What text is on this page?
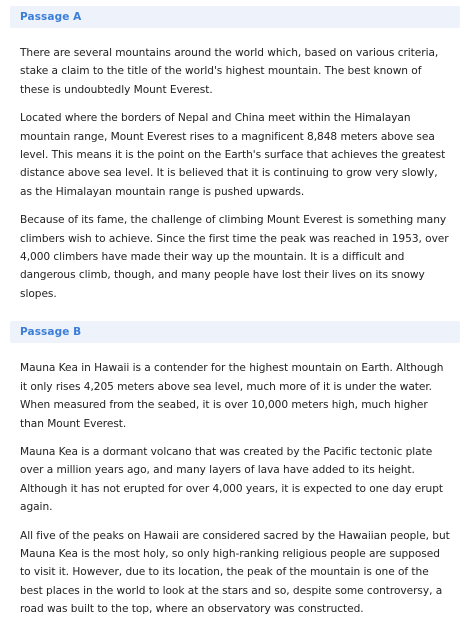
Passage A

There are several mountains around the world which, based on various criteria, stake a claim to the title of the world's highest mountain. The best known of these is undoubtedly Mount Everest.

Located where the borders of Nepal and China meet within the Himalayan mountain range, Mount Everest rises to a magnificent 8,848 meters above sea level. This means it is the point on the Earth's surface that achieves the greatest distance above sea level. It is believed that it is continuing to grow very slowly, as the Himalayan mountain range is pushed upwards.

Because of its fame, the challenge of climbing Mount Everest is something many climbers wish to achieve. Since the first time the peak was reached in 1953, over 4,000 climbers have made their way up the mountain. It is a difficult and dangerous climb, though, and many people have lost their lives on its snowy slopes.

Passage B

Mauna Kea in Hawaii is a contender for the highest mountain on Earth. Although it only rises 4,205 meters above sea level, much more of it is under the water. When measured from the seabed, it is over 10,000 meters high, much higher than Mount Everest.

Mauna Kea is a dormant volcano that was created by the Pacific tectonic plate over a million years ago, and many layers of lava have added to its height. Although it has not erupted for over 4,000 years, it is expected to one day erupt again.

All five of the peaks on Hawaii are considered sacred by the Hawaiian people, but Mauna Kea is the most holy, so only high-ranking religious people are supposed to visit it. However, due to its location, the peak of the mountain is one of the best places in the world to look at the stars and so, despite some controversy, a road was built to the top, where an observatory was constructed.
